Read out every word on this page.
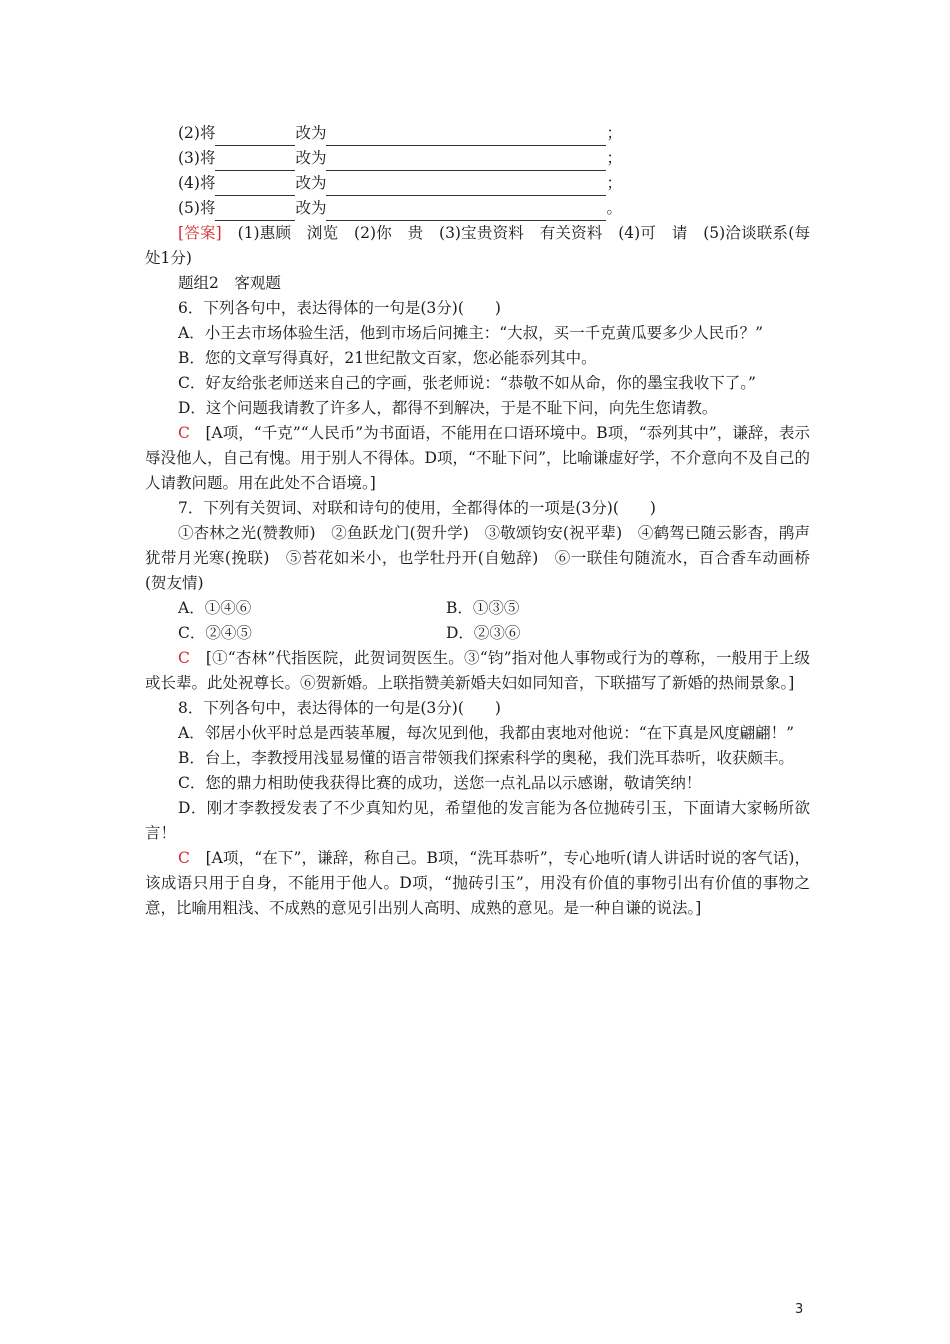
(2)将	改为	；
(3)将	改为	；
(4)将	改为	；
(5)将	改为	。

[答案]　 (1)惠顾　浏览　(2)你　贵　(3)宝贵资料　有关资料　(4)可　请　(5)洽谈联系(每处1分)

题组2　客观题

6．下列各句中，表达得体的一句是(3分)(　　)

A．小王去市场体验生活，他到市场后问摊主：“大叔，买一千克黄瓜要多少人民币？”

B．您的文章写得真好，21世纪散文百家，您必能忝列其中。

C．好友给张老师送来自己的字画，张老师说：“恭敬不如从命，你的墨宝我收下了。”

D．这个问题我请教了许多人，都得不到解决，于是不耻下问，向先生您请教。

C　 [A项，“千克”“人民币”为书面语，不能用在口语环境中。B项，“忝列其中”，谦辞，表示辱没他人，自己有愧。用于别人不得体。D项，“不耻下问”，比喻谦虚好学，不介意向不及自己的人请教问题。用在此处不合语境。]

7．下列有关贺词、对联和诗句的使用，全都得体的一项是(3分)(　　)

①杏林之光(赞教师)　②鱼跃龙门(贺升学)　③敬颂钧安(祝平辈)　④鹤驾已随云影杳，鹃声犹带月光寒(挽联)　⑤苔花如米小，也学牡丹开(自勉辞)　⑥一联佳句随流水，百合香车动画桥(贺友情)

A．①④⑥	B．①③⑤
C．②④⑤	D．②③⑥

C　 [①“杏林”代指医院，此贺词贺医生。③“钧”指对他人事物或行为的尊称，一般用于上级或长辈。此处祝尊长。⑥贺新婚。上联指赞美新婚夫妇如同知音，下联描写了新婚的热闹景象。]

8．下列各句中，表达得体的一句是(3分)(　　)

A．邻居小伙平时总是西装革履，每次见到他，我都由衷地对他说：“在下真是风度翩翩！”

B．台上，李教授用浅显易懂的语言带领我们探索科学的奥秘，我们洗耳恭听，收获颇丰。

C．您的鼎力相助使我获得比赛的成功，送您一点礼品以示感谢，敬请笑纳！

D．刚才李教授发表了不少真知灼见，希望他的发言能为各位抛砖引玉，下面请大家畅所欲言！

C　 [A项，“在下”，谦辞，称自己。B项，“洗耳恭听”，专心地听(请人讲话时说的客气话)，该成语只用于自身，不能用于他人。D项，“抛砖引玉”，用没有价值的事物引出有价值的事物之意，比喻用粗浅、不成熟的意见引出别人高明、成熟的意见。是一种自谦的说法。]

3
